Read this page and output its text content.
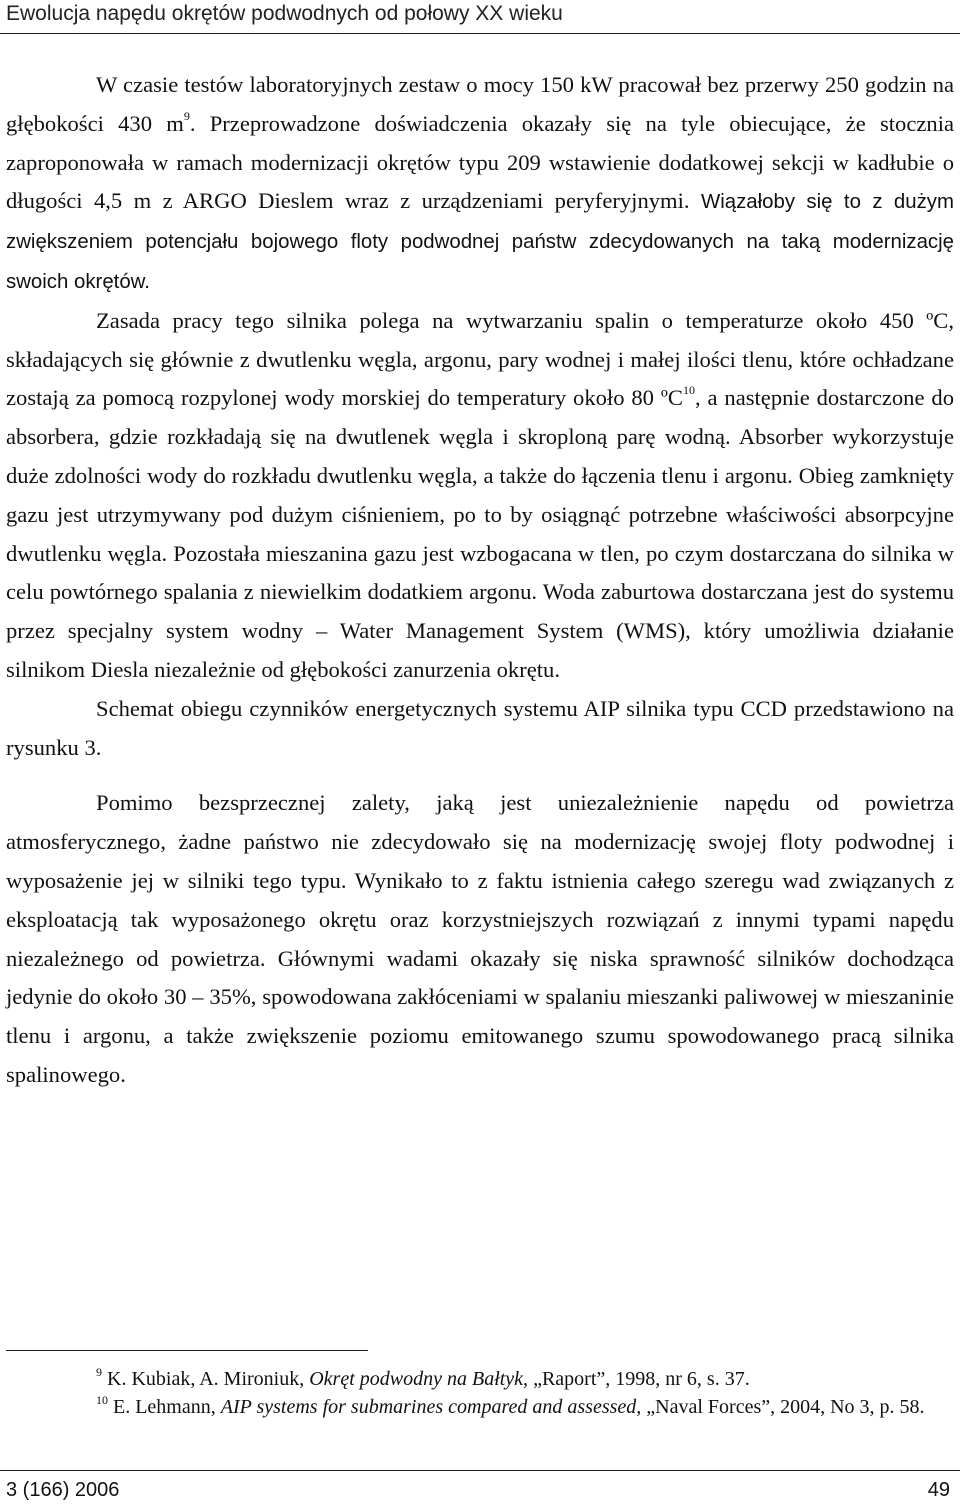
Ewolucja napędu okrętów podwodnych od połowy XX wieku

W czasie testów laboratoryjnych zestaw o mocy 150 kW pracował bez przerwy 250 godzin na głębokości 430 $m^9$. Przeprowadzone doświadczenia okazały się na tyle obiecujące, że stocznia zaproponowała w ramach modernizacji okrętów typu 209 wstawienie dodatkowej sekcji w kadłubie o długości 4,5 m z ARGO Dieslem wraz z urządzeniami peryferyjnymi. Wiązałoby się to z dużym zwiększeniem potencjału bojowego floty podwodnej państw zdecydowanych na taką modernizację swoich okrętów.

Zasada pracy tego silnika polega na wytwarzaniu spalin o temperaturze około 450 ºC, składających się głównie z dwutlenku węgla, argonu, pary wodnej i małej ilości tlenu, które ochładzane zostają za pomocą rozpylonej wody morskiej do temperatury około 80 ºC$^{10}$, a następnie dostarczone do absorbera, gdzie rozkładają się na dwutlenek węgla i skroploną parę wodną. Absorber wykorzystuje duże zdolności wody do rozkładu dwutlenku węgla, a także do łączenia tlenu i argonu. Obieg zamknięty gazu jest utrzymywany pod dużym ciśnieniem, po to by osiągnąć potrzebne właściwości absorpcyjne dwutlenku węgla. Pozostała mieszanina gazu jest wzbogacana w tlen, po czym dostarczana do silnika w celu powtórnego spalania z niewielkim dodatkiem argonu. Woda zaburtowa dostarczana jest do systemu przez specjalny system wodny – Water Management System (WMS), który umożliwia działanie silnikom Diesla niezależnie od głębokości zanurzenia okrętu.

Schemat obiegu czynników energetycznych systemu AIP silnika typu CCD przedstawiono na rysunku 3.

Pomimo bezsprzecznej zalety, jaką jest uniezależnienie napędu od powietrza atmosferycznego, żadne państwo nie zdecydowało się na modernizację swojej floty podwodnej i wyposażenie jej w silniki tego typu. Wynikało to z faktu istnienia całego szeregu wad związanych z eksploatacją tak wyposażonego okrętu oraz korzystniejszych rozwiązań z innymi typami napędu niezależnego od powietrza. Głównymi wadami okazały się niska sprawność silników dochodząca jedynie do około 30 – 35%, spowodowana zakłóceniami w spalaniu mieszanki paliwowej w mieszaninie tlenu i argonu, a także zwiększenie poziomu emitowanego szumu spowodowanego pracą silnika spalinowego.

$^9$ K. Kubiak, A. Mironiuk, Okręt podwodny na Bałtyk, „Raport”, 1998, nr 6, s. 37.

$^{10}$ E. Lehmann, AIP systems for submarines compared and assessed, „Naval Forces”, 2004, No 3, p. 58.

3 (166) 2006	49
